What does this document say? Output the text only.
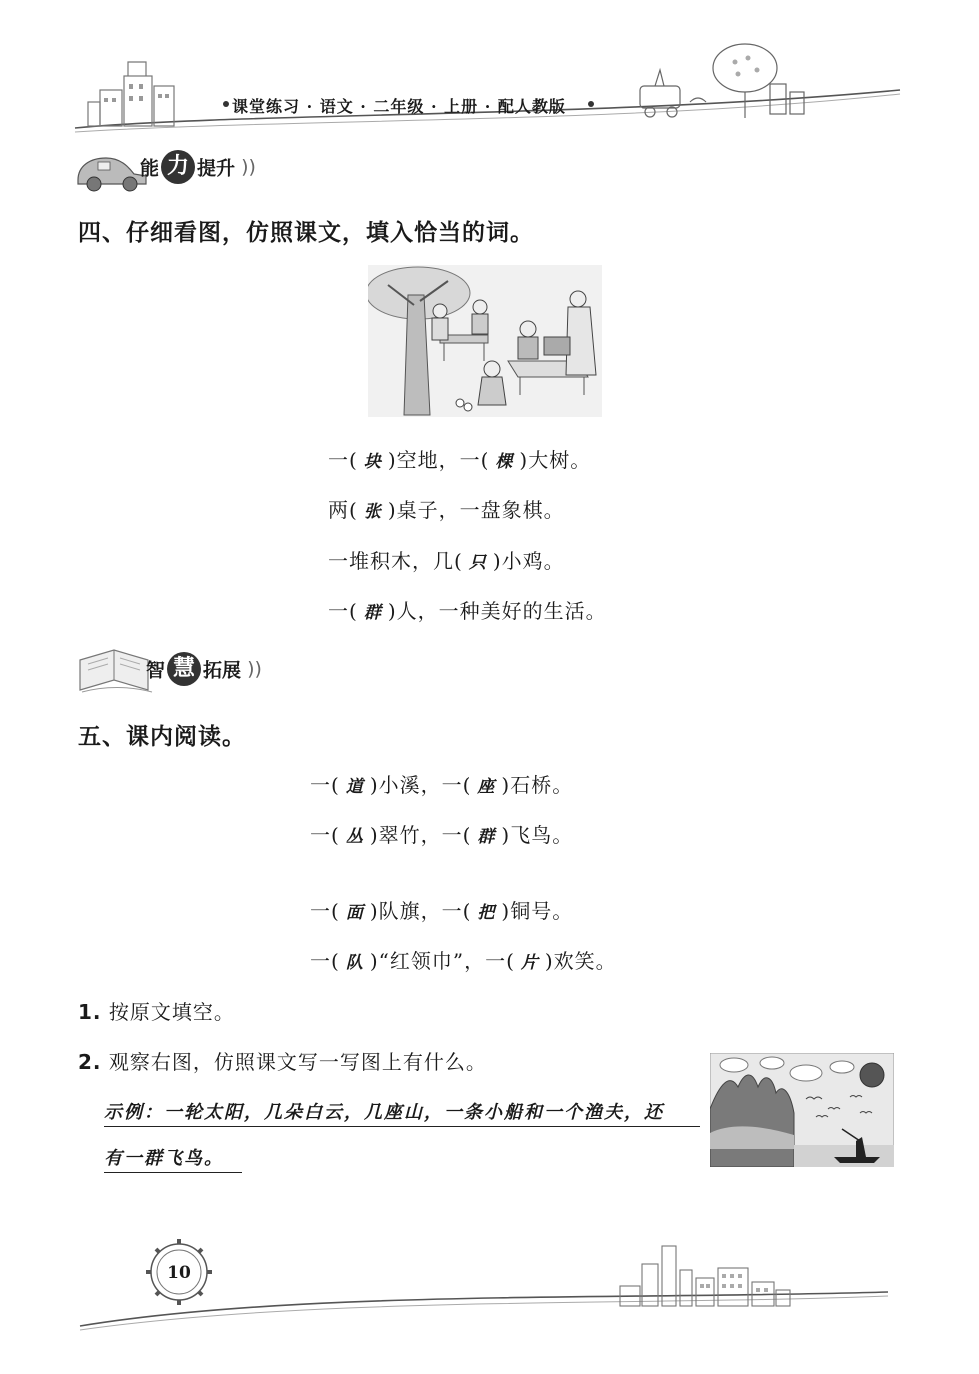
课堂练习 · 语文 · 二年级 · 上册 · 配人教版
能 力 提升 ))
四、仔细看图，仿照课文，填入恰当的词。
一( 块 )空地，一( 棵 )大树。
两( 张 )桌子，一盘象棋。
一堆积木，几( 只 )小鸡。
一( 群 )人，一种美好的生活。
智 慧 拓展 ))
五、课内阅读。
一( 道 )小溪，一( 座 )石桥。
一( 丛 )翠竹，一( 群 )飞鸟。
一( 面 )队旗，一( 把 )铜号。
一( 队 )“红领巾”，一( 片 )欢笑。
1. 按原文填空。
2. 观察右图，仿照课文写一写图上有什么。
示例：一轮太阳，几朵白云，几座山，一条小船和一个渔夫，还
有一群飞鸟。
10
